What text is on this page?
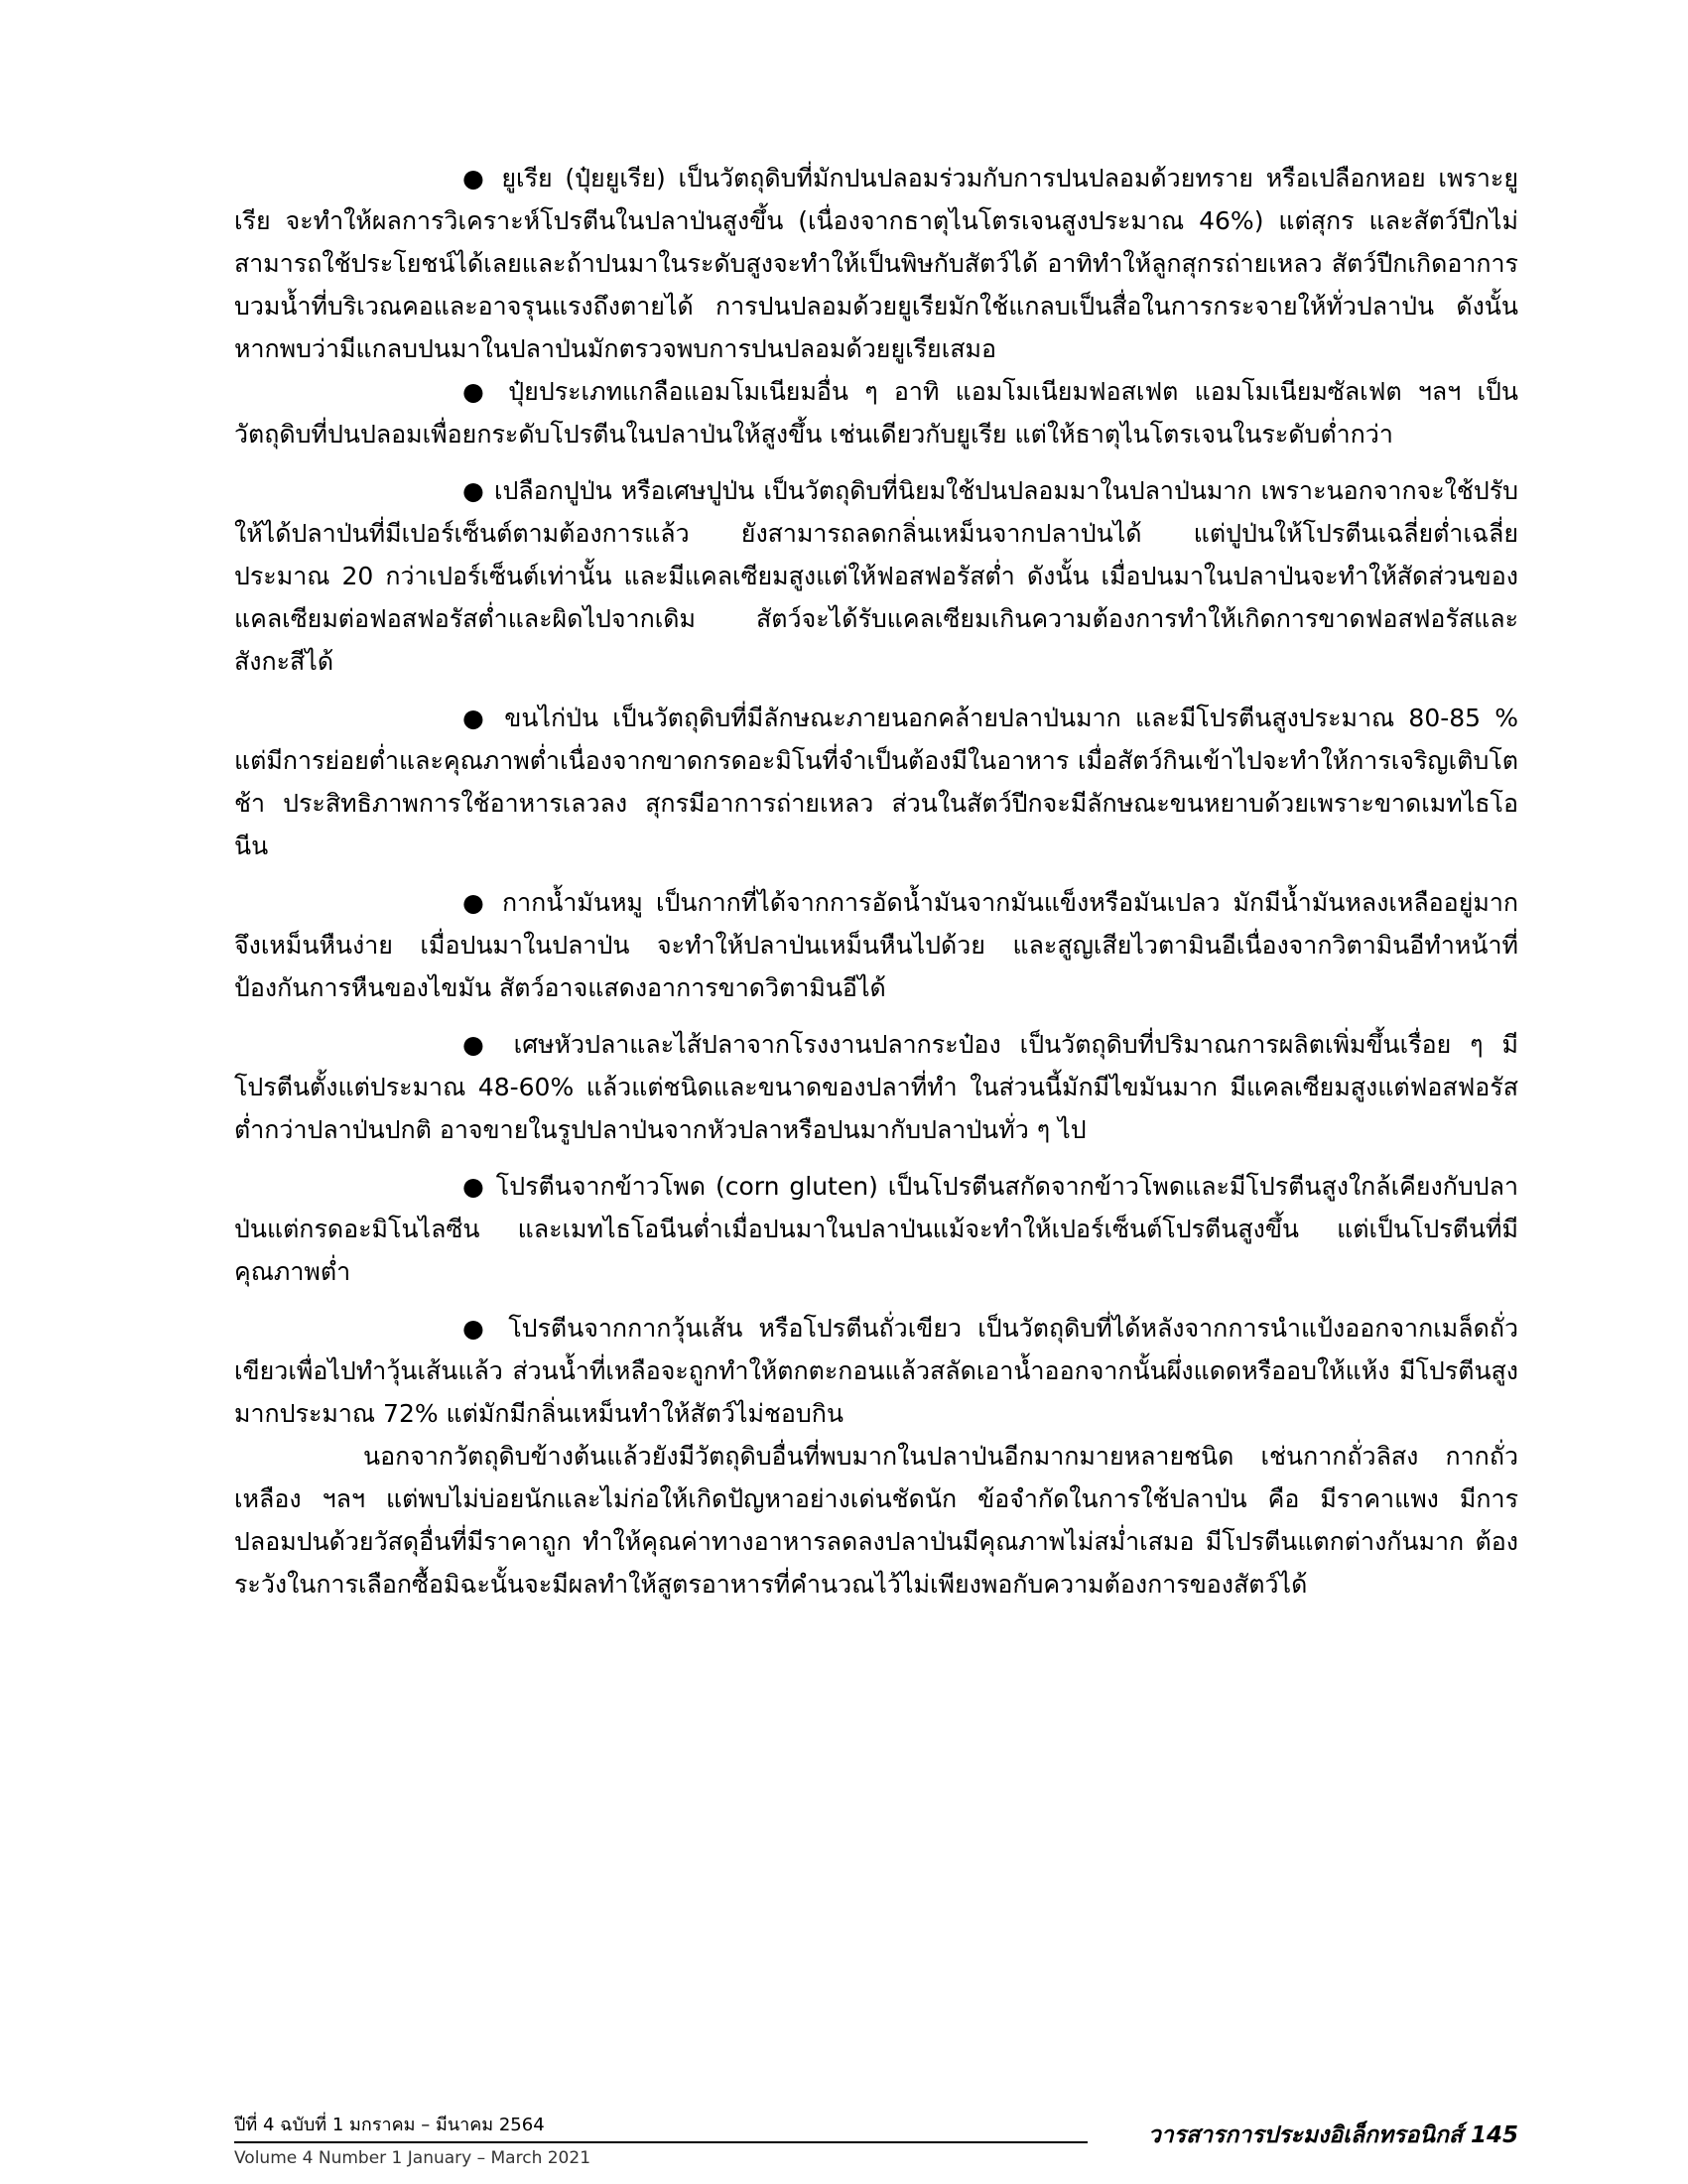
● ยูเรีย (ปุ๋ยยูเรีย) เป็นวัตถุดิบที่มักปนปลอมร่วมกับการปนปลอมด้วยทราย หรือเปลือกหอย เพราะยูเรีย จะทำให้ผลการวิเคราะห์โปรตีนในปลาป่นสูงขึ้น (เนื่องจากธาตุไนโตรเจนสูงประมาณ 46%) แต่สุกร และสัตว์ปีกไม่สามารถใช้ประโยชน์ได้เลยและถ้าปนมาในระดับสูงจะทำให้เป็นพิษกับสัตว์ได้ อาทิทำให้ลูกสุกรถ่ายเหลว สัตว์ปีกเกิดอาการบวมน้ำที่บริเวณคอและอาจรุนแรงถึงตายได้ การปนปลอมด้วยยูเรียมักใช้แกลบเป็นสื่อในการกระจายให้ทั่วปลาป่น ดังนั้นหากพบว่ามีแกลบปนมาในปลาป่นมักตรวจพบการปนปลอมด้วยยูเรียเสมอ

● ปุ๋ยประเภทแกลือแอมโมเนียมอื่น ๆ อาทิ แอมโมเนียมฟอสเฟต แอมโมเนียมซัลเฟต ฯลฯ เป็นวัตถุดิบที่ปนปลอมเพื่อยกระดับโปรตีนในปลาป่นให้สูงขึ้น เช่นเดียวกับยูเรีย แต่ให้ธาตุไนโตรเจนในระดับต่ำกว่า

● เปลือกปูป่น หรือเศษปูป่น เป็นวัตถุดิบที่นิยมใช้ปนปลอมมาในปลาป่นมาก เพราะนอกจากจะใช้ปรับให้ได้ปลาป่นที่มีเปอร์เซ็นต์ตามต้องการแล้ว ยังสามารถลดกลิ่นเหม็นจากปลาป่นได้ แต่ปูป่นให้โปรตีนเฉลี่ยต่ำเฉลี่ยประมาณ 20 กว่าเปอร์เซ็นต์เท่านั้น และมีแคลเซียมสูงแต่ให้ฟอสฟอรัสต่ำ ดังนั้น เมื่อปนมาในปลาป่นจะทำให้สัดส่วนของแคลเซียมต่อฟอสฟอรัสต่ำและผิดไปจากเดิม สัตว์จะได้รับแคลเซียมเกินความต้องการทำให้เกิดการขาดฟอสฟอรัสและสังกะสีได้

● ขนไก่ป่น เป็นวัตถุดิบที่มีลักษณะภายนอกคล้ายปลาป่นมาก และมีโปรตีนสูงประมาณ 80-85 % แต่มีการย่อยต่ำและคุณภาพต่ำเนื่องจากขาดกรดอะมิโนที่จำเป็นต้องมีในอาหาร เมื่อสัตว์กินเข้าไปจะทำให้การเจริญเติบโตช้า ประสิทธิภาพการใช้อาหารเลวลง สุกรมีอาการถ่ายเหลว ส่วนในสัตว์ปีกจะมีลักษณะขนหยาบด้วยเพราะขาดเมทไธโอนีน

● กากน้ำมันหมู เป็นกากที่ได้จากการอัดน้ำมันจากมันแข็งหรือมันเปลว มักมีน้ำมันหลงเหลืออยู่มากจึงเหม็นหืนง่าย เมื่อปนมาในปลาป่น จะทำให้ปลาป่นเหม็นหืนไปด้วย และสูญเสียไวตามินอีเนื่องจากวิตามินอีทำหน้าที่ป้องกันการหืนของไขมัน สัตว์อาจแสดงอาการขาดวิตามินอีได้

● เศษหัวปลาและไส้ปลาจากโรงงานปลากระป๋อง เป็นวัตถุดิบที่ปริมาณการผลิตเพิ่มขึ้นเรื่อย ๆ มีโปรตีนตั้งแต่ประมาณ 48-60% แล้วแต่ชนิดและขนาดของปลาที่ทำ ในส่วนนี้มักมีไขมันมาก มีแคลเซียมสูงแต่ฟอสฟอรัสต่ำกว่าปลาป่นปกติ อาจขายในรูปปลาป่นจากหัวปลาหรือปนมากับปลาป่นทั่ว ๆ ไป

● โปรตีนจากข้าวโพด (corn gluten) เป็นโปรตีนสกัดจากข้าวโพดและมีโปรตีนสูงใกล้เคียงกับปลาป่นแต่กรดอะมิโนไลซีน และเมทไธโอนีนต่ำเมื่อปนมาในปลาป่นแม้จะทำให้เปอร์เซ็นต์โปรตีนสูงขึ้น แต่เป็นโปรตีนที่มีคุณภาพต่ำ

● โปรตีนจากกากวุ้นเส้น หรือโปรตีนถั่วเขียว เป็นวัตถุดิบที่ได้หลังจากการนำแป้งออกจากเมล็ดถั่วเขียวเพื่อไปทำวุ้นเส้นแล้ว ส่วนน้ำที่เหลือจะถูกทำให้ตกตะกอนแล้วสลัดเอาน้ำออกจากนั้นผึ่งแดดหรืออบให้แห้ง มีโปรตีนสูงมากประมาณ 72% แต่มักมีกลิ่นเหม็นทำให้สัตว์ไม่ชอบกิน

นอกจากวัตถุดิบข้างต้นแล้วยังมีวัตถุดิบอื่นที่พบมากในปลาป่นอีกมากมายหลายชนิด เช่นกากถั่วลิสง กากถั่วเหลือง ฯลฯ แต่พบไม่บ่อยนักและไม่ก่อให้เกิดปัญหาอย่างเด่นชัดนัก ข้อจำกัดในการใช้ปลาป่น คือ มีราคาแพง มีการปลอมปนด้วยวัสดุอื่นที่มีราคาถูก ทำให้คุณค่าทางอาหารลดลงปลาป่นมีคุณภาพไม่สม่ำเสมอ มีโปรตีนแตกต่างกันมาก ต้องระวังในการเลือกซื้อมิฉะนั้นจะมีผลทำให้สูตรอาหารที่คำนวณไว้ไม่เพียงพอกับความต้องการของสัตว์ได้

ปีที่ 4 ฉบับที่ 1 มกราคม – มีนาคม 2564
Volume 4 Number 1 January – March 2021
วารสารการประมงอิเล็กทรอนิกส์ 145
